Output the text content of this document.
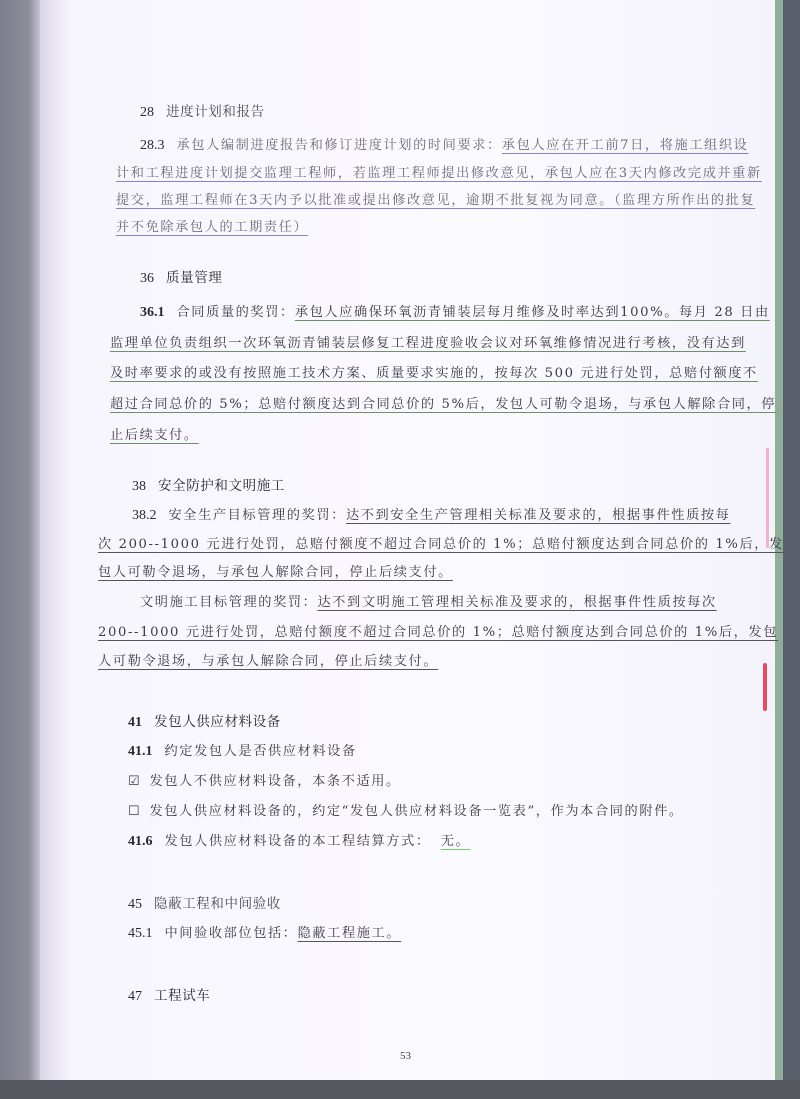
28 进度计划和报告
28.3 承包人编制进度报告和修订进度计划的时间要求：承包人应在开工前7日，将施工组织设
计和工程进度计划提交监理工程师，若监理工程师提出修改意见，承包人应在3天内修改完成并重新
提交，监理工程师在3天内予以批准或提出修改意见，逾期不批复视为同意。（监理方所作出的批复
并不免除承包人的工期责任）
36 质量管理
36.1 合同质量的奖罚：承包人应确保环氧沥青铺装层每月维修及时率达到100%。每月 28 日由
监理单位负责组织一次环氧沥青铺装层修复工程进度验收会议对环氧维修情况进行考核，没有达到
及时率要求的或没有按照施工技术方案、质量要求实施的，按每次 500 元进行处罚，总赔付额度不
超过合同总价的 5%；总赔付额度达到合同总价的 5%后，发包人可勒令退场，与承包人解除合同，停
止后续支付。
38 安全防护和文明施工
38.2 安全生产目标管理的奖罚：达不到安全生产管理相关标准及要求的，根据事件性质按每
次 200--1000 元进行处罚，总赔付额度不超过合同总价的 1%；总赔付额度达到合同总价的 1%后，发
包人可勒令退场，与承包人解除合同，停止后续支付。
文明施工目标管理的奖罚：达不到文明施工管理相关标准及要求的，根据事件性质按每次
200--1000 元进行处罚，总赔付额度不超过合同总价的 1%；总赔付额度达到合同总价的 1%后，发包
人可勒令退场，与承包人解除合同，停止后续支付。
41 发包人供应材料设备
41.1 约定发包人是否供应材料设备
☑ 发包人不供应材料设备，本条不适用。
☐ 发包人供应材料设备的，约定“发包人供应材料设备一览表”，作为本合同的附件。
41.6 发包人供应材料设备的本工程结算方式： 无。
45 隐蔽工程和中间验收
45.1 中间验收部位包括：隐蔽工程施工。
47 工程试车
53
